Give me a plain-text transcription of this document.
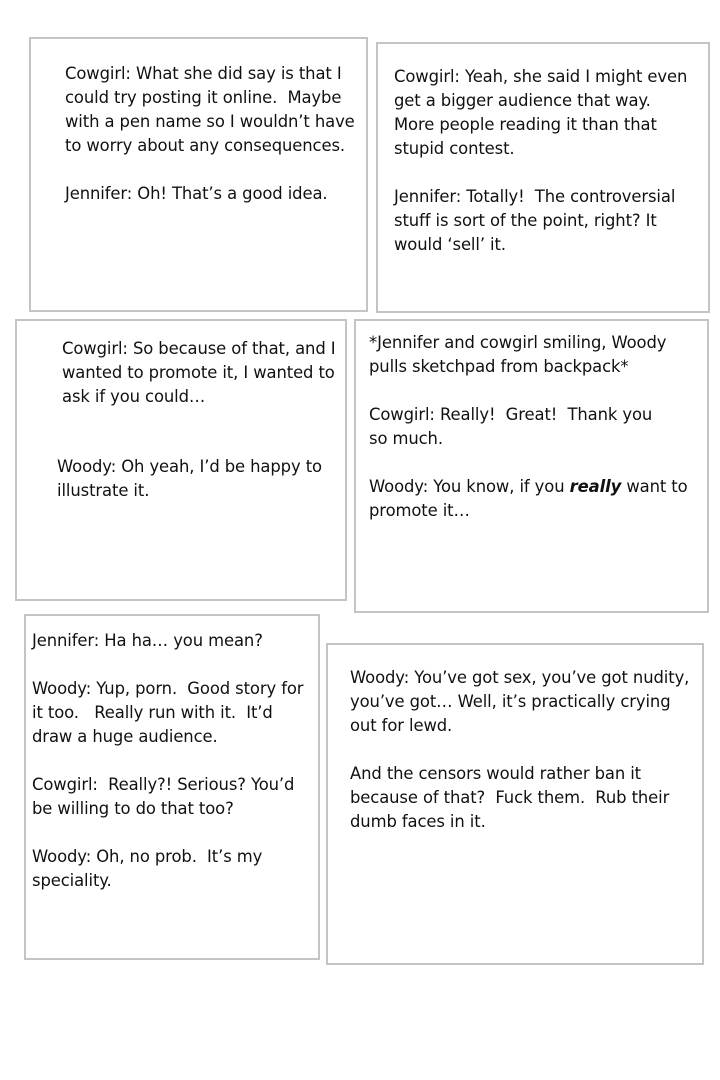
Cowgirl: What she did say is that I could try posting it online.  Maybe with a pen name so I wouldn’t have to worry about any consequences.

Jennifer: Oh! That’s a good idea.

Cowgirl: Yeah, she said I might even get a bigger audience that way.  More people reading it than that stupid contest.

Jennifer: Totally!  The controversial stuff is sort of the point, right? It would ‘sell’ it.

Cowgirl: So because of that, and I wanted to promote it, I wanted to ask if you could…

Woody: Oh yeah, I’d be happy to illustrate it.

*Jennifer and cowgirl smiling, Woody pulls sketchpad from backpack*

Cowgirl: Really!  Great!  Thank you so much.

Woody: You know, if you really want to promote it…

Jennifer: Ha ha… you mean?

Woody: Yup, porn.  Good story for it too.   Really run with it.  It’d draw a huge audience.

Cowgirl:  Really?! Serious? You’d be willing to do that too?

Woody: Oh, no prob.  It’s my speciality.

Woody: You’ve got sex, you’ve got nudity, you’ve got… Well, it’s practically crying out for lewd.

And the censors would rather ban it because of that?  Fuck them.  Rub their dumb faces in it.
